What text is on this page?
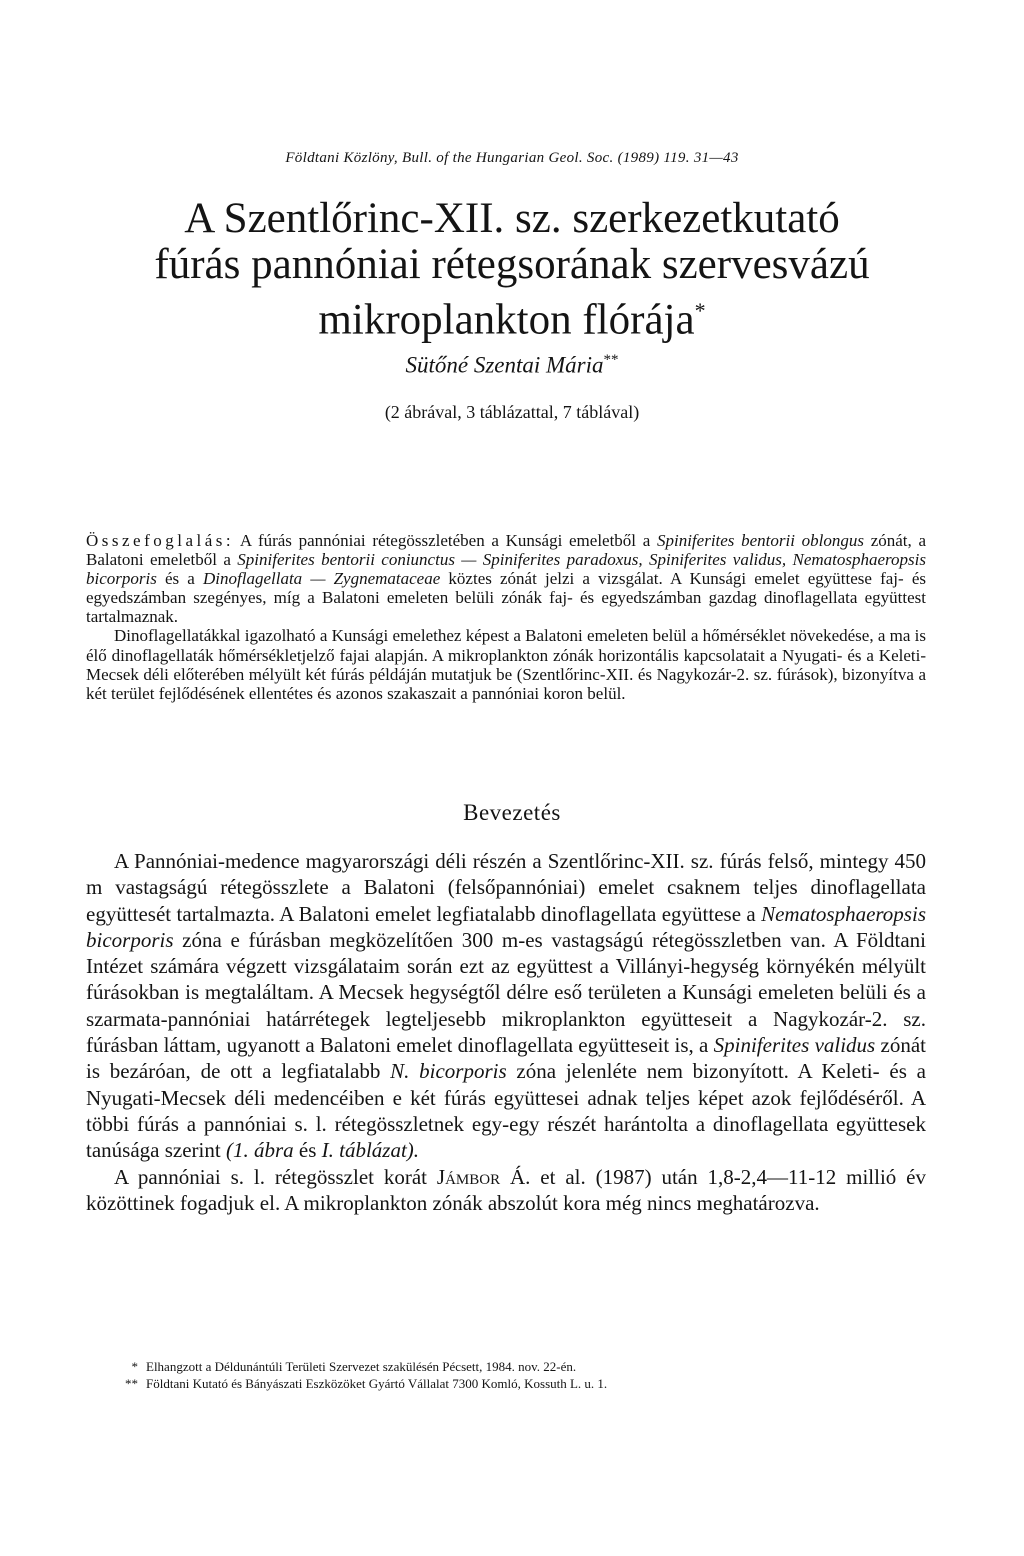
Földtani Közlöny, Bull. of the Hungarian Geol. Soc. (1989) 119. 31—43
A Szentlőrinc-XII. sz. szerkezetkutató
fúrás pannóniai rétegsorának szervesvázú
mikroplankton flórája*
Sütőné Szentai Mária**
(2 ábrával, 3 táblázattal, 7 táblával)

Összefoglalás: A fúrás pannóniai rétegösszletében a Kunsági emeletből a Spiniferites bentorii oblongus zónát, a Balatoni emeletből a Spiniferites bentorii coniunctus — Spiniferites paradoxus, Spiniferites validus, Nematosphaeropsis bicorporis és a Dinoflagellata — Zygnemataceae köztes zónát jelzi a vizsgálat. A Kunsági emelet együttese faj- és egyedszámban szegényes, míg a Balatoni emeleten belüli zónák faj- és egyedszámban gazdag dinoflagellata együttest tartalmaznak.

Dinoflagellatákkal igazolható a Kunsági emelethez képest a Balatoni emeleten belül a hőmérséklet növekedése, a ma is élő dinoflagellaták hőmérsékletjelző fajai alapján. A mikroplankton zónák horizontális kapcsolatait a Nyugati- és a Keleti-Mecsek déli előterében mélyült két fúrás példáján mutatjuk be (Szentlőrinc-XII. és Nagykozár-2. sz. fúrások), bizonyítva a két terület fejlődésének ellentétes és azonos szakaszait a pannóniai koron belül.

Bevezetés

A Pannóniai-medence magyarországi déli részén a Szentlőrinc-XII. sz. fúrás felső, mintegy 450 m vastagságú rétegösszlete a Balatoni (felsőpannóniai) emelet csaknem teljes dinoflagellata együttesét tartalmazta. A Balatoni emelet legfiatalabb dinoflagellata együttese a Nematosphaeropsis bicorporis zóna e fúrásban megközelítően 300 m-es vastagságú rétegösszletben van. A Földtani Intézet számára végzett vizsgálataim során ezt az együttest a Villányi-hegység környékén mélyült fúrásokban is megtaláltam. A Mecsek hegységtől délre eső területen a Kunsági emeleten belüli és a szarmata-pannóniai határrétegek legteljesebb mikroplankton együtteseit a Nagykozár-2. sz. fúrásban láttam, ugyanott a Balatoni emelet dinoflagellata együtteseit is, a Spiniferites validus zónát is bezáróan, de ott a legfiatalabb N. bicorporis zóna jelenléte nem bizonyított. A Keleti- és a Nyugati-Mecsek déli medencéiben e két fúrás együttesei adnak teljes képet azok fejlődéséről. A többi fúrás a pannóniai s. l. rétegösszletnek egy-egy részét harántolta a dinoflagellata együttesek tanúsága szerint (1. ábra és I. táblázat).

A pannóniai s. l. rétegösszlet korát Jámbor Á. et al. (1987) után 1,8-2,4—11-12 millió év közöttinek fogadjuk el. A mikroplankton zónák abszolút kora még nincs meghatározva.

* Elhangzott a Déldunántúli Területi Szervezet szakülésén Pécsett, 1984. nov. 22-én.
** Földtani Kutató és Bányászati Eszközöket Gyártó Vállalat 7300 Komló, Kossuth L. u. 1.
